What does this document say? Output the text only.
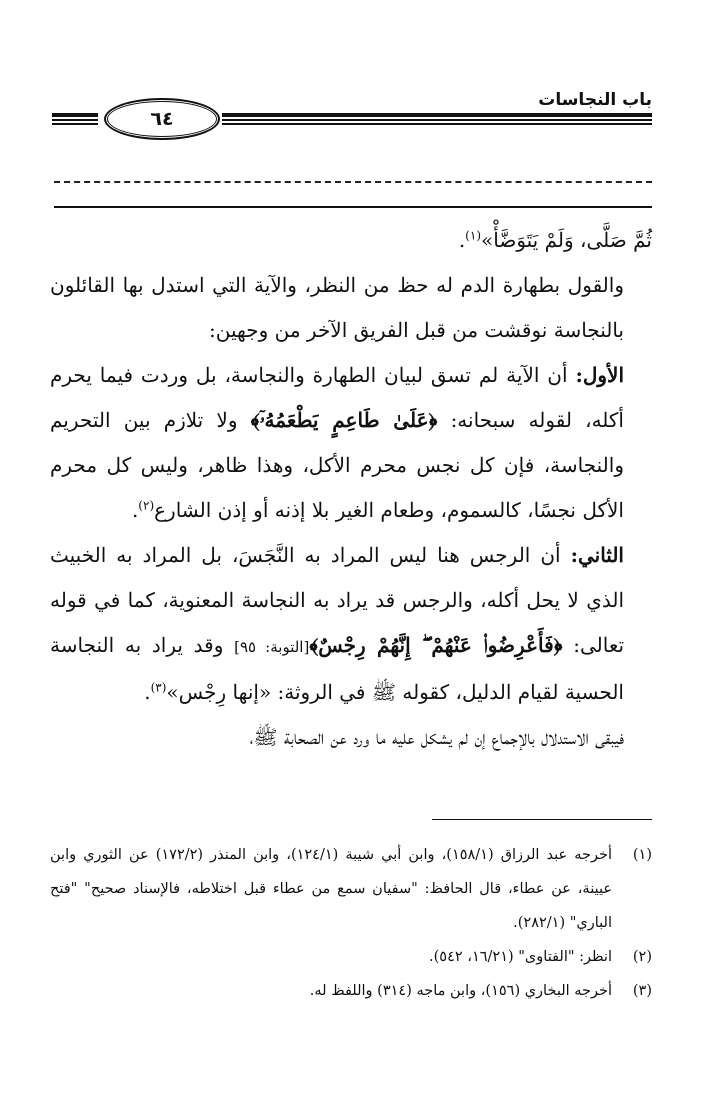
باب النجاسات
٦٤

ثُمَّ صَلَّى، وَلَمْ يَتَوَضَّأْ»$^{(١)}$.

والقول بطهارة الدم له حظ من النظر، والآية التي استدل بها القائلون بالنجاسة نوقشت من قبل الفريق الآخر من وجهين:

الأول: أن الآية لم تسق لبيان الطهارة والنجاسة، بل وردت فيما يحرم أكله، لقوله سبحانه: ﴿عَلَىٰ طَاعِمٍ يَطْعَمُهُۥٓ﴾ ولا تلازم بين التحريم والنجاسة، فإن كل نجس محرم الأكل، وهذا ظاهر، وليس كل محرم الأكل نجسًا، كالسموم، وطعام الغير بلا إذنه أو إذن الشارع$^{(٢)}$.

الثاني: أن الرجس هنا ليس المراد به النَّجَسَ، بل المراد به الخبيث الذي لا يحل أكله، والرجس قد يراد به النجاسة المعنوية، كما في قوله تعالى: ﴿فَأَعْرِضُوا۟ عَنْهُمْ ۖ إِنَّهُمْ رِجْسٌ﴾[التوبة: ٩٥] وقد يراد به النجاسة الحسية لقيام الدليل، كقوله ﷺ في الروثة: «إنها رِجْس»$^{(٣)}$.

فيبقى الاستدلال بالإجماع إن لم يشكل عليه ما ورد عن الصحابة ﷺ،

(١)
أخرجه عبد الرزاق (١٥٨/١)، وابن أبي شيبة (١٢٤/١)، وابن المنذر (١٧٢/٢) عن الثوري وابن عيينة، عن عطاء، قال الحافظ: "سفيان سمع من عطاء قبل اختلاطه، فالإسناد صحيح" "فتح الباري" (٢٨٢/١).

(٢)
انظر: "الفتاوى" (١٦/٢١، ٥٤٢).

(٣)
أخرجه البخاري (١٥٦)، وابن ماجه (٣١٤) واللفظ له.
